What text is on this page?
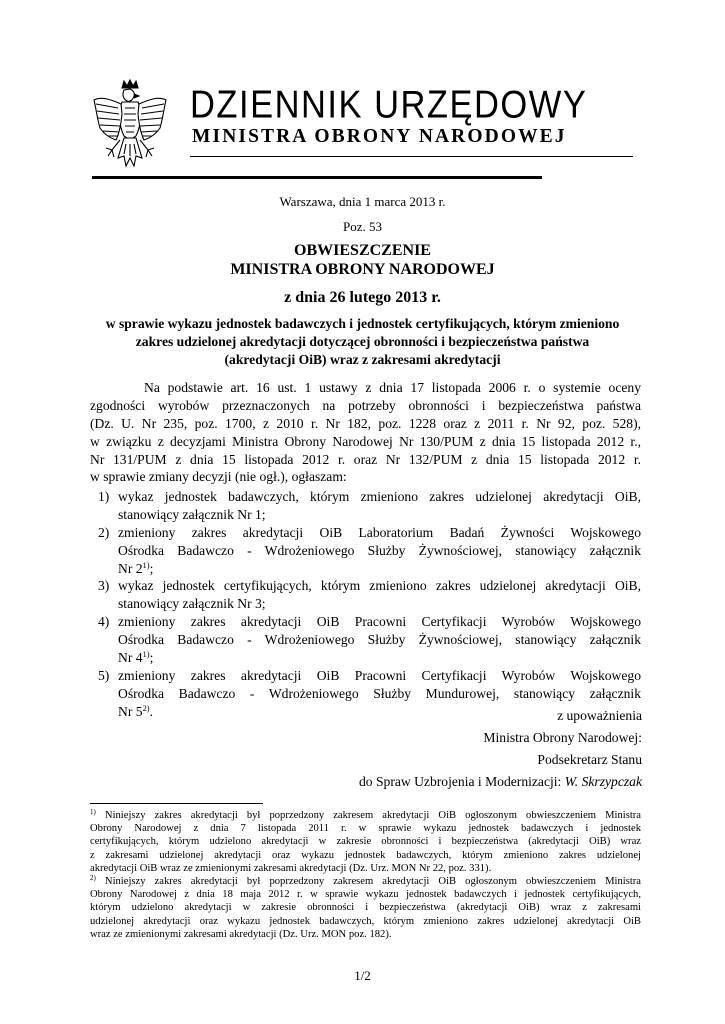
DZIENNIK URZĘDOWY
MINISTRA OBRONY NARODOWEJ
Warszawa, dnia 1 marca 2013 r.
Poz. 53
OBWIESZCZENIE
MINISTRA OBRONY NARODOWEJ
z dnia 26 lutego 2013 r.
w sprawie wykazu jednostek badawczych i jednostek certyfikujących, którym zmieniono
zakres udzielonej akredytacji dotyczącej obronności i bezpieczeństwa państwa
(akredytacji OiB) wraz z zakresami akredytacji
Na podstawie art. 16 ust. 1 ustawy z dnia 17 listopada 2006 r. o systemie oceny
zgodności wyrobów przeznaczonych na potrzeby obronności i bezpieczeństwa państwa
(Dz. U. Nr 235, poz. 1700, z 2010 r. Nr 182, poz. 1228 oraz z 2011 r. Nr 92, poz. 528),
w związku z decyzjami Ministra Obrony Narodowej Nr 130/PUM z dnia 15 listopada 2012 r.,
Nr 131/PUM z dnia 15 listopada 2012 r. oraz Nr 132/PUM z dnia 15 listopada 2012 r.
w sprawie zmiany decyzji (nie ogł.), ogłaszam:
1) wykaz jednostek badawczych, którym zmieniono zakres udzielonej akredytacji OiB,
stanowiący załącznik Nr 1;
2) zmieniony zakres akredytacji OiB Laboratorium Badań Żywności Wojskowego
Ośrodka Badawczo - Wdrożeniowego Służby Żywnościowej, stanowiący załącznik
Nr 2$^{1)}$;
3) wykaz jednostek certyfikujących, którym zmieniono zakres udzielonej akredytacji OiB,
stanowiący załącznik Nr 3;
4) zmieniony zakres akredytacji OiB Pracowni Certyfikacji Wyrobów Wojskowego
Ośrodka Badawczo - Wdrożeniowego Służby Żywnościowej, stanowiący załącznik
Nr 4$^{1)}$;
5) zmieniony zakres akredytacji OiB Pracowni Certyfikacji Wyrobów Wojskowego
Ośrodka Badawczo - Wdrożeniowego Służby Mundurowej, stanowiący załącznik
Nr 5$^{2)}$.	z upoważnienia
Ministra Obrony Narodowej:
Podsekretarz Stanu
do Spraw Uzbrojenia i Modernizacji: W. Skrzypczak
$^{1)}$ Niniejszy zakres akredytacji był poprzedzony zakresem akredytacji OiB ogłoszonym obwieszczeniem Ministra
Obrony Narodowej z dnia 7 listopada 2011 r. w sprawie wykazu jednostek badawczych i jednostek
certyfikujących, którym udzielono akredytacji w zakresie obronności i bezpieczeństwa (akredytacji OiB) wraz
z zakresami udzielonej akredytacji oraz wykazu jednostek badawczych, którym zmieniono zakres udzielonej
akredytacji OiB wraz ze zmienionymi zakresami akredytacji (Dz. Urz. MON Nr 22, poz. 331).
$^{2)}$ Niniejszy zakres akredytacji był poprzedzony zakresem akredytacji OiB ogłoszonym obwieszczeniem Ministra
Obrony Narodowej z dnia 18 maja 2012 r. w sprawie wykazu jednostek badawczych i jednostek certyfikujących,
którym udzielono akredytacji w zakresie obronności i bezpieczeństwa (akredytacji OiB) wraz z zakresami
udzielonej akredytacji oraz wykazu jednostek badawczych, którym zmieniono zakres udzielonej akredytacji OiB
wraz ze zmienionymi zakresami akredytacji (Dz. Urz. MON poz. 182).
1/2
